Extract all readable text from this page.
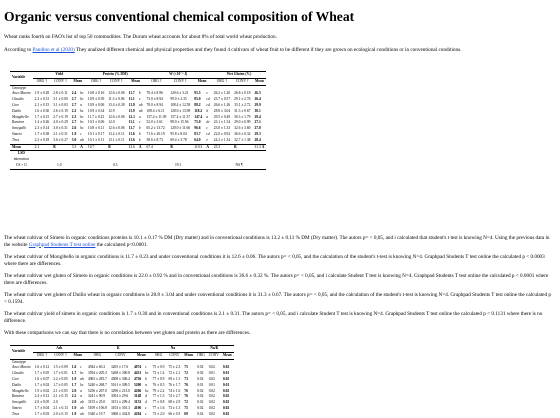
Organic versus conventional chemical composition of Wheat

Wheat ranks fourth on FAO's list of top 50 commodities. The Durum wheat accounts for about 8% of total world wheat production.

According to Pandino et al (2020) They analized different chemical and physical properties and they found 4 cultivars of wheat fruit to be different if they are grown on ecological conditions or in conventional conditions.

Variable	Yield				Protein (% DM)				W (×10⁻⁴ J)				Wet Gluten (%)		
	ORG †	CONV †	Mean		ORG †	CONV †	Mean		ORG †	CONV †	Mean		ORG †	CONV †	Mean
Genotype															
Anco Marzio	1.9 ± 0.28	2.8 ± 0.11	2.4	bc	10.8 ± 0.16	12.6 ± 0.06	11.7	b	70.4 ± 8.96	120.6 ± 3.21	95.5	c	26.2 ± 1.20	26.8 ± 0.18	26.5
Claudio	2.2 ± 0.31	3.1 ± 0.00	2.7	bc	10.9 ± 0.39	11.3 ± 0.06	11.1	c	73.0 ± 8.94	99.0 ± 2.35	85.0	cd	23.7 ± 0.57	29.1 ± 2.76	26.4
Core	2.1 ± 0.15	3.1 ± 0.03	2.7	a	10.9 ± 0.06	13.4 ± 0.28	11.9	ab	78.0 ± 8.94	108.4 ± 12.58	88.2	cd	26.6 ± 1.26	33.1 ± 2.72	29.9
Duilio	1.6 ± 0.30	2.6 ± 0.19	2.2	bc	10.9 ± 0.34	12.9	11.9	ab	108.4 ± 6.11	128.0 ± 13.98	118.2	b	28.8 ± 3.04	31.3 ± 0.67	30.1
Mongibello	1.7 ± 0.15	2.7 ± 0.19	2.3	bc	11.7 ± 0.23	12.6 ± 0.06	12.1	a	137.4 ± 11.39	157.4 ± 11.37	147.4	a	29.5 ± 0.49	30.3 ± 1.79	29.4
Ramirez	1.4 ± 0.26	4.0 ± 0.29	2.7	bc	10.3 ± 0.06	12.0	11.1	c	52.0 ± 3.61	98.0 ± 15.56	75.0	de	23.1 ± 1.34	29.0 ± 0.99	27.1
Senegallo	2.3 ± 0.14	3.0 ± 0.31	2.6	bc	10.8 ± 0.11	12.6 ± 0.06	11.7	b	65.2 ± 13.72	120.0 ± 11.66	96.6	c	23.0 ± 1.33	32.6 ± 3.60	27.8
Simeto	1.7 ± 0.38	2.1 ± 0.31	1.9	c	10.1 ± 0.17	13.2 ± 0.11	11.6	b	71.6 ± 20.19	95.8 ± 8.04	83.7	cd	22.0 ± 0.92	36.6 ± 0.32	29.3
Tirex	2.3 ± 0.18	3.6 ± 0.27	3.0	ab	10.1 ± 0.11	13.1 ± 0.11	11.6	b	58.6 ± 8.73	69.4 ± 3.78	64.0	e	24.2 ± 1.34	32.7 ± 1.38	28.4
Mean	2.1	B	3.3	A	10.7	B	12.6	A	67.4	B	110.3	A	25.3	B	31.3 A
LSD															
interaction															
CS × G	1.0				0.3				19.1				NS ¶		

The wheat cultivar of Simeto in organic conditions proteins is 10.1 ± 0.17 % DM (Dry matter) and in conventional conditions is 13.2 ± 0.11 % DM (Dry matter). The autors p= < 0,05, and i calculated that student's t test is knowing N=4. Using the previous data in the website Graphpad Students T test online the calculated p<0.0001.

The wheat cultivar of Mongibello in organic conditions is 11.7 ± 0.23 and under conventional conditions it is 12.6 ± 0.06. The autors p= < 0,05, and the calculation of the student's t-test is knowing N=4. Graphpad Students T test online the calculated p < 0.0003 where there are differences.

The wheat cultivar wet gluten of Simeto in organic conditions is 22.0 ± 0.92 % and in conventional conditions is 36.6 ± 0.32 %. The autors p= < 0,05, and i calculate Student T test is knowing N=4. Graphpad Students T test online the calculated p < 0.0001 where there are differences.

The wheat cultivar wet gluten of Duilio wheat in organic conditions is 28.8 ± 3.04 and under conventional conditions it is 31.3 ± 0.67. The autors p= < 0,05, and the calculation of the student's t-test is knowing N=4. Graphpad Students T test online the calculated p < 0.1594.

The wheat cultivar yield of simeto in organic conditions is 1.7 ± 0.30 and in conventional conditions is 2.1 ± 0.31. The autors p= < 0,05, and i calculate Student T test is knowing N=4. Graphpad Students T test online the calculated p < 0.1131 where there is no difference.

With these comparisons we can say that there is no correlation between wet gluten and protein as there are differences.

Variable	Ash				K				Na			Na/K		
	ORG †	CONV †	Mean		ORG	CONV	Mean		ORG	CONV	Mean	ORG	CONV	Mean
Genotype														
Anco Marzio	1.6 ± 0.12	1.5 ± 0.09	1.6	c	4944 ± 60.2	3205 ± 17.6	4074	c	75 ± 0.9	75 ± 2.3	75	0.02	0.02	0.02
Claudio	1.7 ± 0.05	1.7 ± 0.01	1.7	bc	3594 ± 205.3	5268 ± 300.8	4431	bc	73 ± 1.4	72 ± 2.1	72	0.02	0.01	0.01
Core	1.6 ± 0.07	2.2 ± 0.05	1.9	ab	4963 ± 283.7	4508 ± 306.4	4736	b	77 ± 0.9	69 ± 1.5	73	0.02	0.02	0.02
Duilio	1.7 ± 0.02	1.7 ± 0.05	1.7	bc	5240 ± 268.7	5161 ± 309.5	5200	a	76 ± 0.5	76 ± 1.7	76	0.01	0.01	0.01
Mongibello	1.9 ± 0.02	2.1 ± 0.05	2.0	a	5256 ± 267.0	3296 ± 213.0	4266	bc	79 ± 2.2	74 ± 1.6	76	0.02	0.02	0.02
Ramirez	2.4 ± 0.12	2.1 ± 0.15	2.2	a	3241 ± 90.9	3054 ± 29.6	3148	d	77 ± 1.3	74 ± 2.7	76	0.02	0.02	0.02
Senegallo	2.0 ± 0.05	2.0	2.0	ab	3153 ± 25.0	3151 ± 209.4	3152	d	77 ± 0.8	68 ± 2.9	72	0.02	0.02	0.02
Simeto	1.7 ± 0.04	2.1 ± 0.13	1.9	ab	5109 ± 106.8	3103 ± 301.3	4106	c	77 ± 1.6	73 ± 1.3	75	0.02	0.02	0.02
Tirex	1.7 ± 0.03	2.0 ± 0.15	1.9	ab	5340 ± 19.7	3068 ± 434.8	4204	c	73 ± 2.0	66 ± 0.5	69	0.02	0.02	0.02
